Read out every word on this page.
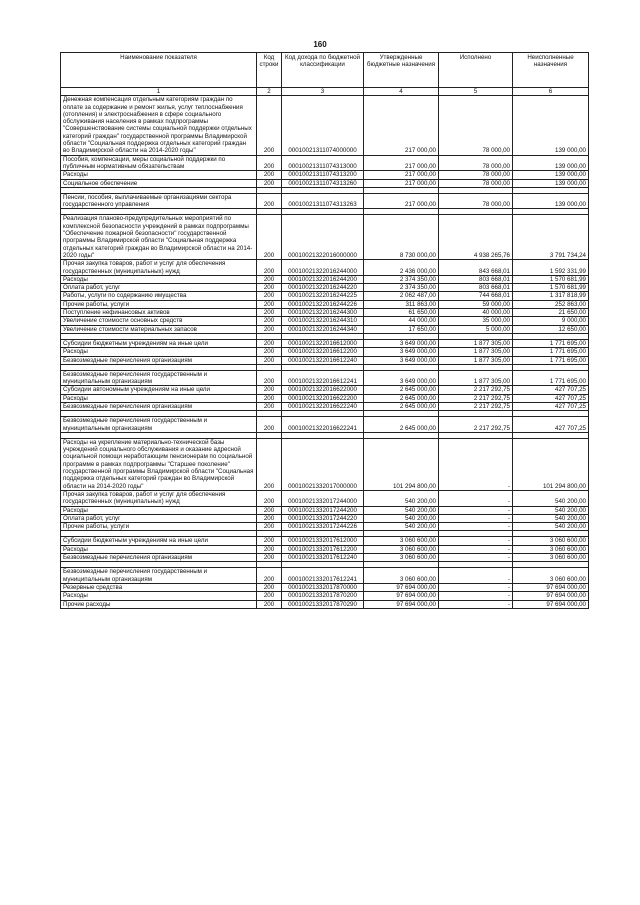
160
Наименование показателя	Код строки	Код дохода по бюджетной классификации	Утвержденные бюджетные назначения	Исполнено	Неисполненные назначения
1	2	3	4	5	6
Денежная компенсация отдельным категориям граждан по оплате за содержание и ремонт жилья, услуг теплоснабжения (отопления) и электроснабжения в сфере социального обслуживания населения в рамках подпрограммы "Совершенствование системы социальной поддержки отдельных категорий граждан" государственной программы Владимирской области "Социальная поддержка отдельных категорий граждан во Владимирской области на 2014-2020 годы"	200	00010021311074000000	217 000,00	78 000,00	139 000,00
Пособия, компенсации, меры социальной поддержки по публичным нормативным обязательствам	200	00010021311074313000	217 000,00	78 000,00	139 000,00
Расходы	200	00010021311074313200	217 000,00	78 000,00	139 000,00
Социальное обеспечение	200	00010021311074313260	217 000,00	78 000,00	139 000,00

Пенсии, пособия, выплачиваемые организациями сектора государственного управления	200	00010021311074313263	217 000,00	78 000,00	139 000,00

Реализация планово-предупредительных мероприятий по комплексной безопасности учреждений в рамках подпрограммы "Обеспечение пожарной безопасности" государственной программы Владимирской области "Социальная поддержка отдельных категорий граждан во Владимирской области на 2014-2020 годы"	200	00010021322016000000	8 730 000,00	4 938 265,76	3 791 734,24
Прочая закупка товаров, работ и услуг для обеспечения государственных (муниципальных) нужд	200	00010021322016244000	2 436 000,00	843 668,01	1 592 331,99
Расходы	200	00010021322016244200	2 374 350,00	803 668,01	1 570 681,99
Оплата работ, услуг	200	00010021322016244220	2 374 350,00	803 668,01	1 570 681,99
Работы, услуги по содержанию имущества	200	00010021322016244225	2 062 487,00	744 668,01	1 317 818,99
Прочие работы, услуги	200	00010021322016244226	311 863,00	59 000,00	252 863,00
Поступление нефинансовых активов	200	00010021322016244300	61 650,00	40 000,00	21 650,00
Увеличение стоимости основных средств	200	00010021322016244310	44 000,00	35 000,00	9 000,00
Увеличение стоимости материальных запасов	200	00010021322016244340	17 650,00	5 000,00	12 650,00

Субсидии бюджетным учреждениям на иные цели	200	00010021322016612000	3 649 000,00	1 877 305,00	1 771 695,00
Расходы	200	00010021322016612200	3 649 000,00	1 877 305,00	1 771 695,00
Безвозмездные перечисления организациям	200	00010021322016612240	3 649 000,00	1 877 305,00	1 771 695,00

Безвозмездные перечисления государственным и муниципальным организациям	200	00010021322016612241	3 649 000,00	1 877 305,00	1 771 695,00
Субсидии автономным учреждениям на иные цели	200	00010021322016622000	2 645 000,00	2 217 292,75	427 707,25
Расходы	200	00010021322016622200	2 645 000,00	2 217 292,75	427 707,25
Безвозмездные перечисления организациям	200	00010021322016622240	2 645 000,00	2 217 292,75	427 707,25

Безвозмездные перечисления государственным и муниципальным организациям	200	00010021322016622241	2 645 000,00	2 217 292,75	427 707,25

Расходы на укрепление материально-технической базы учреждений социального обслуживания и оказание адресной социальной помощи неработающим пенсионерам по социальной программе в рамках подпрограммы "Старшее поколение" государственной программы Владимирской области "Социальная поддержка отдельных категорий граждан во Владимирской области на 2014-2020 годы"	200	00010021332017000000	101 294 800,00	-	101 294 800,00
Прочая закупка товаров, работ и услуг для обеспечения государственных (муниципальных) нужд	200	00010021332017244000	540 200,00	-	540 200,00
Расходы	200	00010021332017244200	540 200,00	-	540 200,00
Оплата работ, услуг	200	00010021332017244220	540 200,00	-	540 200,00
Прочие работы, услуги	200	00010021332017244226	540 200,00	-	540 200,00

Субсидии бюджетным учреждениям на иные цели	200	00010021332017612000	3 060 600,00	-	3 060 600,00
Расходы	200	00010021332017612200	3 060 600,00	-	3 060 600,00
Безвозмездные перечисления организациям	200	00010021332017612240	3 060 600,00	-	3 060 600,00

Безвозмездные перечисления государственным и муниципальным организациям	200	00010021332017612241	3 060 600,00	-	3 060 600,00
Резервные средства	200	00010021332017870000	97 694 000,00	-	97 694 000,00
Расходы	200	00010021332017870200	97 694 000,00	-	97 694 000,00
Прочие расходы	200	00010021332017870290	97 694 000,00	-	97 694 000,00
